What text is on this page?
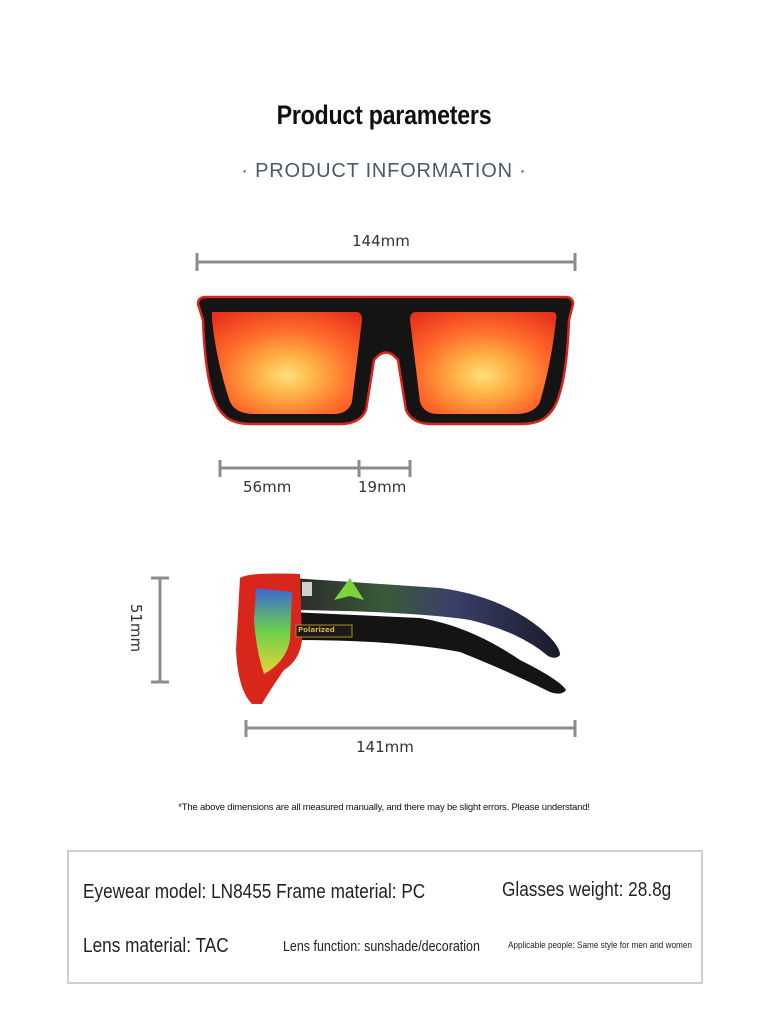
Product parameters
· PRODUCT INFORMATION ·
144mm
56mm	19mm
51mm
141mm
Polarized
*The above dimensions are all measured manually, and there may be slight errors. Please understand!
Eyewear model: LN8455 Frame material: PC	Glasses weight: 28.8g
Lens material: TAC	Lens function: sunshade/decoration	Applicable people: Same style for men and women
